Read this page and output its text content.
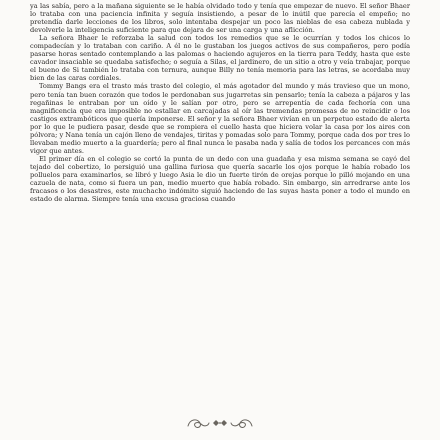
ya las sabía, pero a la mañana siguiente se le había olvidado todo y tenía que empezar de nuevo. El señor Bhaer lo trataba con una paciencia infinita y seguía insistiendo, a pesar de lo inútil que parecía el empeño; no pretendía darle lecciones de los libros, solo intentaba despejar un poco las nieblas de esa cabeza nublada y devolverle la inteligencia suficiente para que dejara de ser una carga y una aflicción.

La señora Bhaer le reforzaba la salud con todos los remedios que se le ocurrían y todos los chicos lo compadecían y lo trataban con cariño. A él no le gustaban los juegos activos de sus compañeros, pero podía pasarse horas sentado contemplando a las palomas o haciendo agujeros en la tierra para Teddy, hasta que este cavador insaciable se quedaba satisfecho; o seguía a Silas, el jardinero, de un sitio a otro y veía trabajar, porque el bueno de Si también lo trataba con ternura, aunque Billy no tenía memoria para las letras, se acordaba muy bien de las caras cordiales.

Tommy Bangs era el trasto más trasto del colegio, el más agotador del mundo y más travieso que un mono, pero tenía tan buen corazón que todos le perdonaban sus jugarretas sin pensarlo; tenía la cabeza a pájaros y las regañinas le entraban por un oído y le salían por otro, pero se arrepentía de cada fechoría con una magnificencia que era imposible no estallar en carcajadas al oír las tremendas promesas de no reincidir o los castigos extrambóticos que quería imponerse. El señor y la señora Bhaer vivían en un perpetuo estado de alerta por lo que le pudiera pasar, desde que se rompiera el cuello hasta que hiciera volar la casa por los aires con pólvora; y Nana tenía un cajón lleno de vendajes, tiritas y pomadas solo para Tommy, porque cada dos por tres lo llevaban medio muerto a la guardería; pero al final nunca le pasaba nada y salía de todos los percances con más vigor que antes.

El primer día en el colegio se cortó la punta de un dedo con una guadaña y esa misma semana se cayó del tejado del cobertizo, lo persiguió una gallina furiosa que quería sacarle los ojos porque le había robado los polluelos para examinarlos, se libró y luego Asia le dio un fuerte tirón de orejas porque lo pilló mojando en una cazuela de nata, como si fuera un pan, medio muerto que había robado. Sin embargo, sin arredrarse ante los fracasos o los desastres, este muchacho indómito siguió haciendo de las suyas hasta poner a todo el mundo en estado de alarma. Siempre tenía una excusa graciosa cuando
